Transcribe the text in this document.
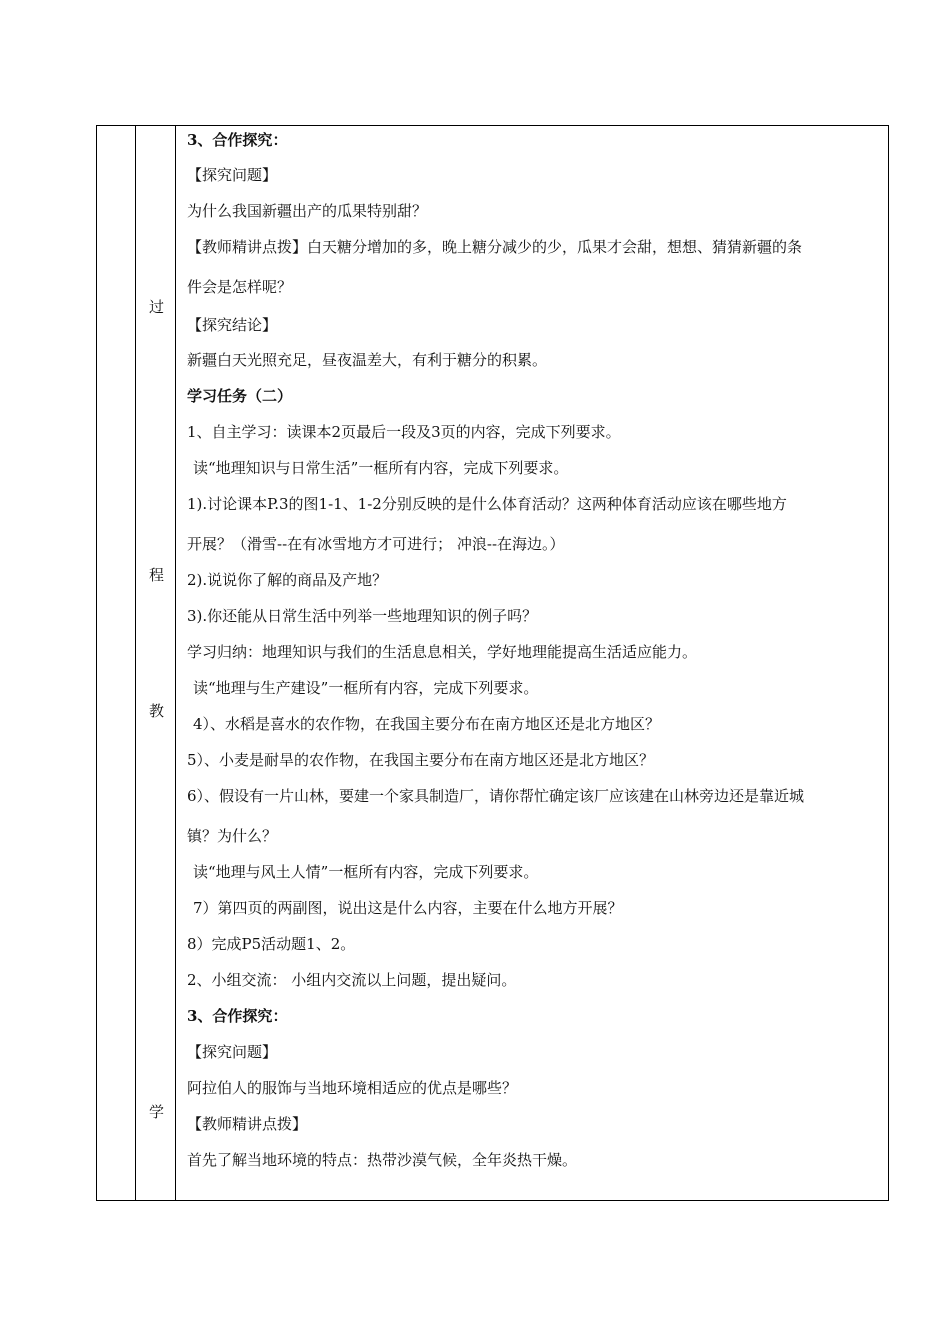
过
程
教
学
3、合作探究：
【探究问题】
为什么我国新疆出产的瓜果特别甜？
【教师精讲点拨】白天糖分增加的多，晚上糖分减少的少，瓜果才会甜，想想、猜猜新疆的条
件会是怎样呢？
【探究结论】
新疆白天光照充足，昼夜温差大，有利于糖分的积累。
学习任务（二）
1、自主学习：读课本2页最后一段及3页的内容，完成下列要求。
读“地理知识与日常生活”一框所有内容，完成下列要求。
1).讨论课本P.3的图1-1、1-2分别反映的是什么体育活动？这两种体育活动应该在哪些地方
开展？（滑雪--在有冰雪地方才可进行； 冲浪--在海边。）
2).说说你了解的商品及产地？
3).你还能从日常生活中列举一些地理知识的例子吗？
学习归纳：地理知识与我们的生活息息相关，学好地理能提高生活适应能力。
读“地理与生产建设”一框所有内容，完成下列要求。
4）、水稻是喜水的农作物，在我国主要分布在南方地区还是北方地区？
5）、小麦是耐旱的农作物，在我国主要分布在南方地区还是北方地区？
6）、假设有一片山林，要建一个家具制造厂，请你帮忙确定该厂应该建在山林旁边还是靠近城
镇？为什么？
读“地理与风土人情”一框所有内容，完成下列要求。
7）第四页的两副图，说出这是什么内容，主要在什么地方开展？
8）完成P5活动题1、2。
2、小组交流： 小组内交流以上问题，提出疑问。
3、合作探究：
【探究问题】
阿拉伯人的服饰与当地环境相适应的优点是哪些？
【教师精讲点拨】
首先了解当地环境的特点：热带沙漠气候，全年炎热干燥。
